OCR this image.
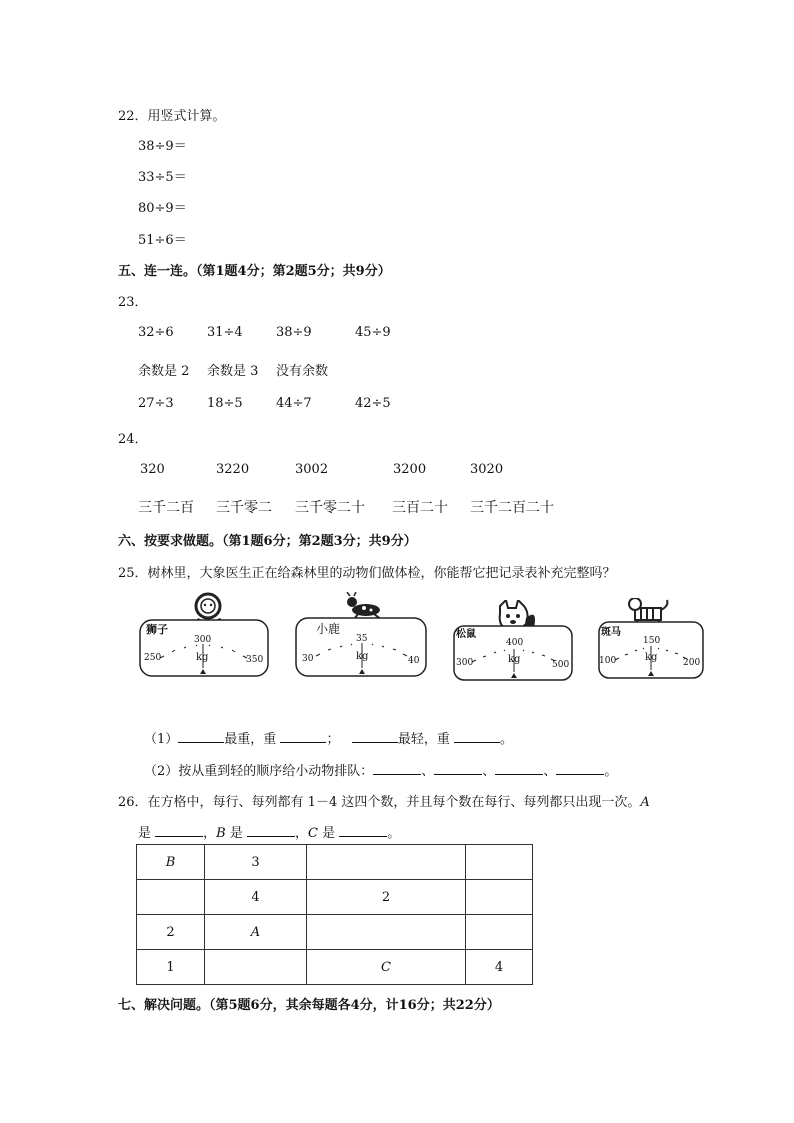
22．用竖式计算。
38÷9＝
33÷5＝
80÷9＝
51÷6＝
五、连一连。（第1题4分；第2题5分；共9分）
23．
32÷6	31÷4	38÷9	45÷9
余数是 2 余数是 3 没有余数
27÷3	18÷5	44÷7	42÷5
24．
320	3220	3002	3200	3020
三千二百 三千零二 三千零二十 三百二十 三千二百二十
六、按要求做题。（第1题6分；第2题3分；共9分）
25．树林里，大象医生正在给森林里的动物们做体检，你能帮它把记录表补充完整吗？
狮子
300
250	350
kg
小鹿
35
30	40
kg
松鼠
400
300	500
kg
斑马
150
100	200
kg
（1）	最重，重	；	最轻，重	。
（2）按从重到轻的顺序给小动物排队：	、	、	、	。
26．在方格中，每行、每列都有 1－4 这四个数，并且每个数在每行、每列都只出现一次。A
是	，B 是	，C 是	。
B	3		
	4	2	
2	A		
1		C	4
七、解决问题。（第5题6分，其余每题各4分，计16分；共22分）
